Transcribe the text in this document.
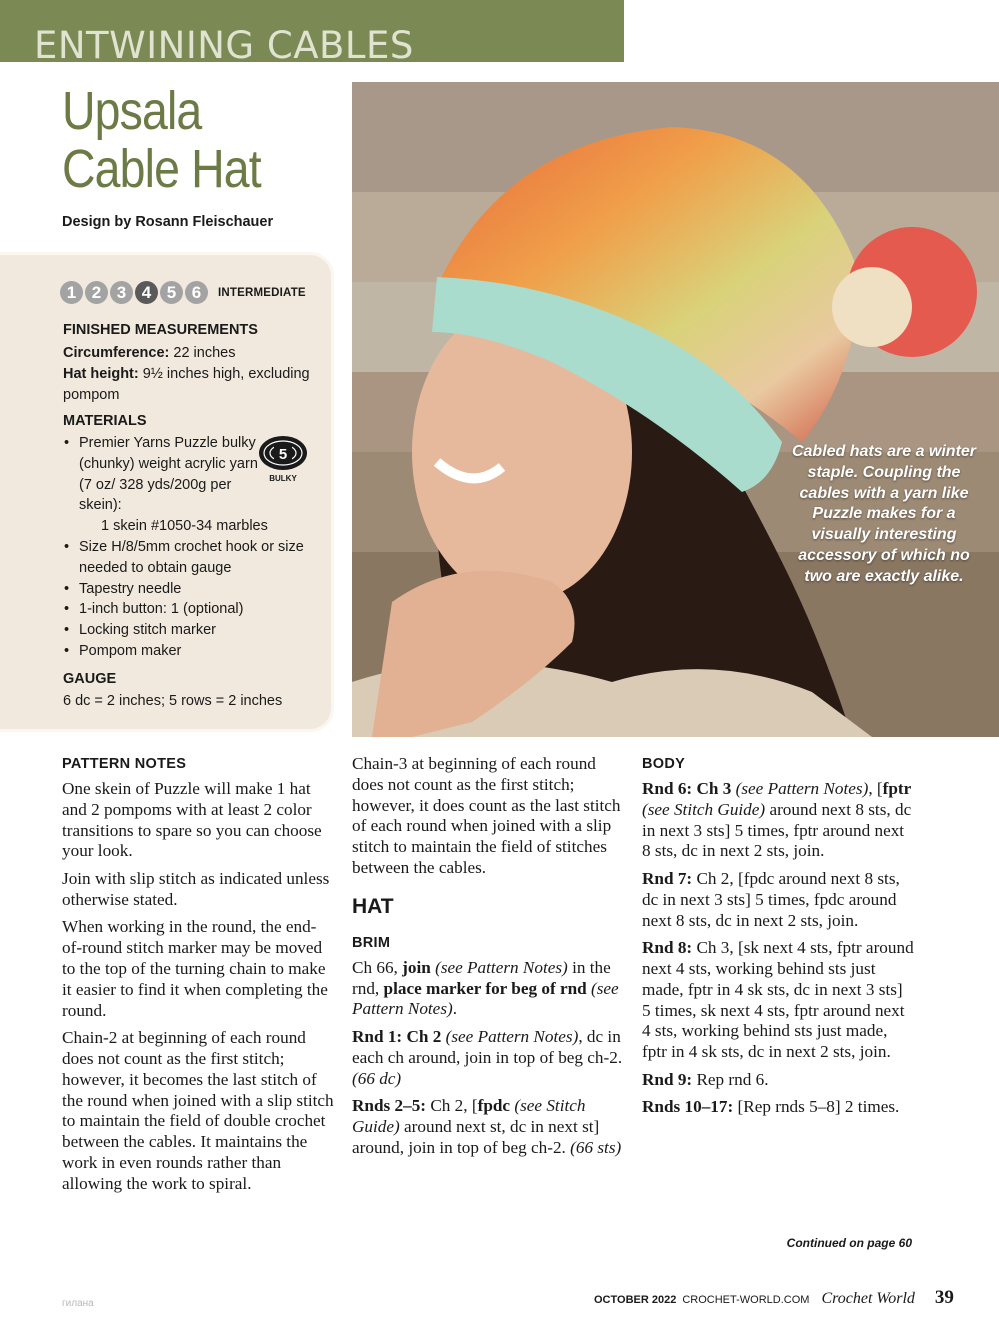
ENTWINING CABLES
Upsala
Cable Hat
Design by Rosann Fleischauer
Cabled hats are a winter staple. Coupling the cables with a yarn like Puzzle makes for a visually interesting accessory of which no two are exactly alike.
1 2 3 4 5 6	INTERMEDIATE
FINISHED MEASUREMENTS
Circumference: 22 inches
Hat height: 9½ inches high, excluding pompom
MATERIALS
• Premier Yarns Puzzle bulky (chunky) weight acrylic yarn (7 oz/ 328 yds/200g per skein):
1 skein #1050-34 marbles
• Size H/8/5mm crochet hook or size needed to obtain gauge
• Tapestry needle
• 1-inch button: 1 (optional)
• Locking stitch marker
• Pompom maker
5
BULKY
GAUGE
6 dc = 2 inches; 5 rows = 2 inches
PATTERN NOTES

One skein of Puzzle will make 1 hat and 2 pompoms with at least 2 color transitions to spare so you can choose your look.

Join with slip stitch as indicated unless otherwise stated.

When working in the round, the end-of-round stitch marker may be moved to the top of the turning chain to make it easier to find it when completing the round.

Chain-2 at beginning of each round does not count as the first stitch; however, it becomes the last stitch of the round when joined with a slip stitch to maintain the field of double crochet between the cables. It maintains the work in even rounds rather than allowing the work to spiral.

Chain-3 at beginning of each round does not count as the first stitch; however, it does count as the last stitch of each round when joined with a slip stitch to maintain the field of stitches between the cables.

HAT
BRIM

Ch 66, join (see Pattern Notes) in the rnd, place marker for beg of rnd (see Pattern Notes).

Rnd 1: Ch 2 (see Pattern Notes), dc in each ch around, join in top of beg ch-2. (66 dc)

Rnds 2–5: Ch 2, [fpdc (see Stitch Guide) around next st, dc in next st] around, join in top of beg ch-2. (66 sts)

BODY

Rnd 6: Ch 3 (see Pattern Notes), [fptr (see Stitch Guide) around next 8 sts, dc in next 3 sts] 5 times, fptr around next 8 sts, dc in next 2 sts, join.

Rnd 7: Ch 2, [fpdc around next 8 sts, dc in next 3 sts] 5 times, fpdc around next 8 sts, dc in next 2 sts, join.

Rnd 8: Ch 3, [sk next 4 sts, fptr around next 4 sts, working behind sts just made, fptr in 4 sk sts, dc in next 3 sts] 5 times, sk next 4 sts, fptr around next 4 sts, working behind sts just made, fptr in 4 sk sts, dc in next 2 sts, join.

Rnd 9: Rep rnd 6.

Rnds 10–17: [Rep rnds 5–8] 2 times.

Continued on page 60
гилана	OCTOBER 2022 CROCHET-WORLD.COM Crochet World 39
